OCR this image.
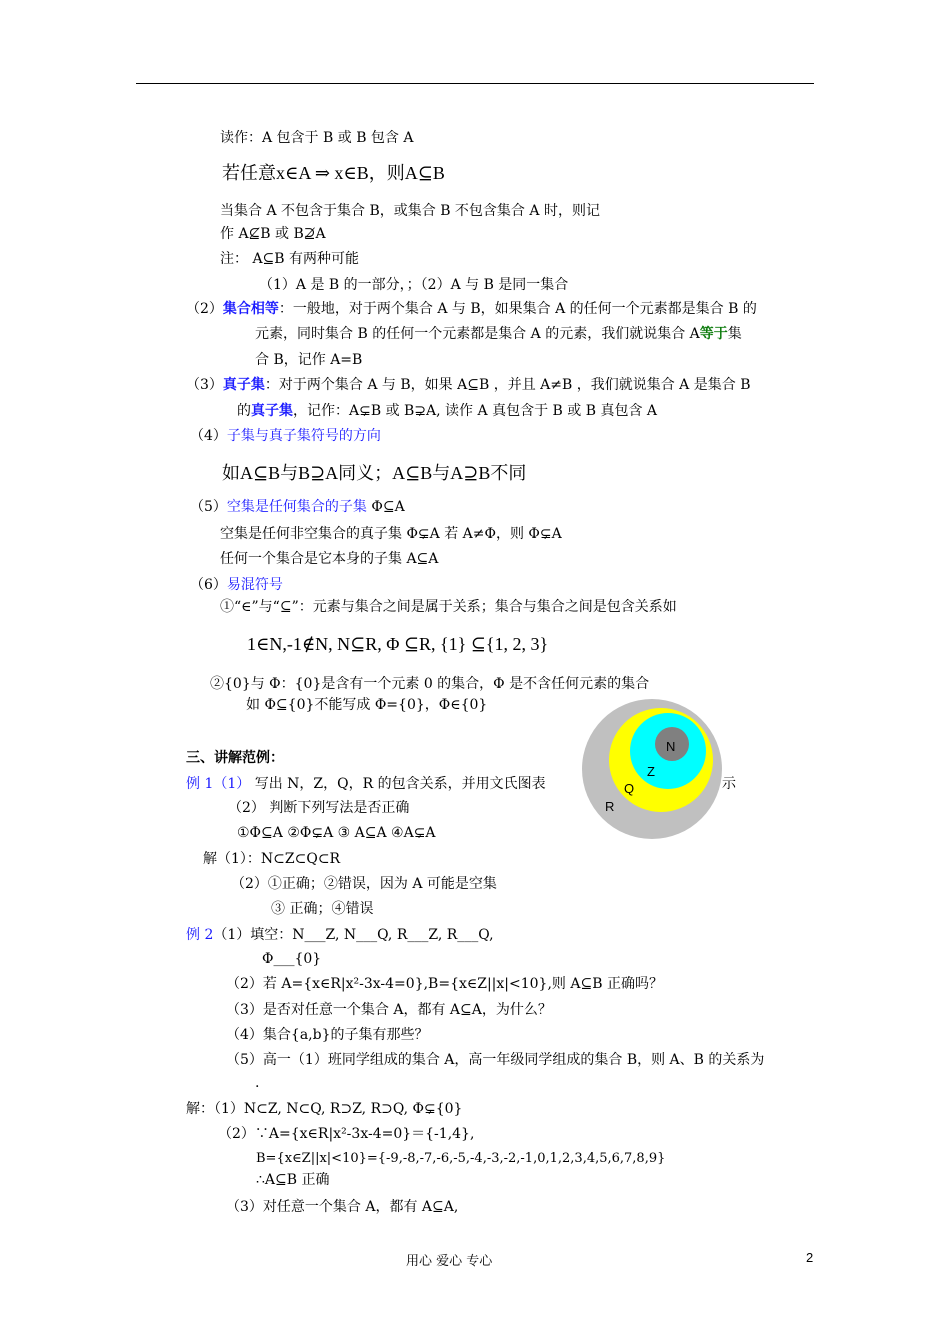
读作：A 包含于 B 或 B 包含 A
若任意x∈A ⇒ x∈B，则A⊆B
当集合 A 不包含于集合 B，或集合 B 不包含集合 A 时，则记
作 A⊈B 或 B⊉A
注： A⊆B 有两种可能
（1）A 是 B 的一部分，；（2）A 与 B 是同一集合
（2）集合相等：一般地，对于两个集合 A 与 B，如果集合 A 的任何一个元素都是集合 B 的
元素，同时集合 B 的任何一个元素都是集合 A 的元素，我们就说集合 A等于集
合 B，记作 A=B
（3）真子集：对于两个集合 A 与 B，如果 A⊆B ，并且 A≠B ，我们就说集合 A 是集合 B
的真子集，记作：A⊊B 或 B⊋A, 读作 A 真包含于 B 或 B 真包含 A
（4）子集与真子集符号的方向
如A⊆B与B⊇A同义；A⊆B与A⊇B不同
（5）空集是任何集合的子集 Φ⊆A
空集是任何非空集合的真子集 Φ⊊A 若 A≠Φ，则 Φ⊊A
任何一个集合是它本身的子集 A⊆A
（6）易混符号
①“∈”与“⊆”：元素与集合之间是属于关系；集合与集合之间是包含关系如
1∈N,-1∉N, N⊆R, Φ ⊆R, {1} ⊆{1, 2, 3}
②{0}与 Φ：{0}是含有一个元素 0 的集合，Φ 是不含任何元素的集合
如 Φ⊆{0}不能写成 Φ={0}，Φ∈{0}
三、讲解范例：
例 1（1） 写出 N，Z，Q，R 的包含关系，并用文氏图表	示
（2） 判断下列写法是否正确
①Φ⊆A ②Φ⊊A ③ A⊆A ④A⊊A
解（1）：N⊂Z⊂Q⊂R
（2）①正确；②错误，因为 A 可能是空集
③ 正确；④错误
例 2（1）填空：N___Z, N___Q, R___Z, R___Q,
Φ___{0}
（2）若 A={x∈R|x²-3x-4=0},B={x∈Z||x|<10},则 A⊆B 正确吗？
（3）是否对任意一个集合 A，都有 A⊆A，为什么？
（4）集合{a,b}的子集有那些？
（5）高一（1）班同学组成的集合 A，高一年级同学组成的集合 B，则 A、B 的关系为
.
解：（1）N⊂Z, N⊂Q, R⊃Z, R⊃Q, Φ⊊{0}
（2）∵A={x∈R|x²-3x-4=0}＝{-1,4},
B={x∈Z||x|<10}={-9,-8,-7,-6,-5,-4,-3,-2,-1,0,1,2,3,4,5,6,7,8,9}
∴A⊆B 正确
（3）对任意一个集合 A，都有 A⊆A,
N
Z
Q
R
用心 爱心 专心	2
